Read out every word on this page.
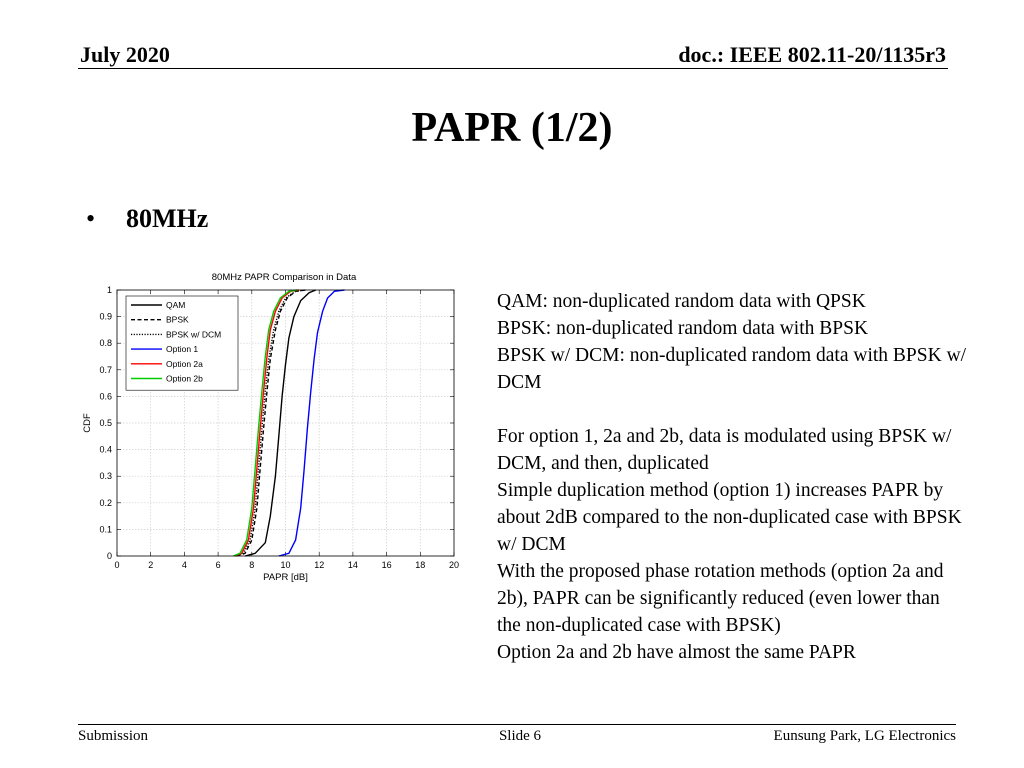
July 2020	doc.: IEEE 802.11-20/1135r3
PAPR (1/2)
• 80MHz
80MHz PAPR Comparison in Data
0	2	4	6	8	10	12	14	16	18	20
0
0.1
0.2
0.3
0.4
0.5
0.6
0.7
0.8
0.9
1
QAM
BPSK
BPSK w/ DCM
Option 1
Option 2a
Option 2b
PAPR [dB]
CDF

QAM: non-duplicated random data with QPSK

BPSK: non-duplicated random data with BPSK

BPSK w/ DCM: non-duplicated random data with BPSK w/ DCM

For option 1, 2a and 2b, data is modulated using BPSK w/ DCM, and then, duplicated

Simple duplication method (option 1) increases PAPR by about 2dB compared to the non-duplicated case with BPSK w/ DCM

With the proposed phase rotation methods (option 2a and 2b), PAPR can be significantly reduced (even lower than the non-duplicated case with BPSK)

Option 2a and 2b have almost the same PAPR

Submission	Slide 6	Eunsung Park, LG Electronics
